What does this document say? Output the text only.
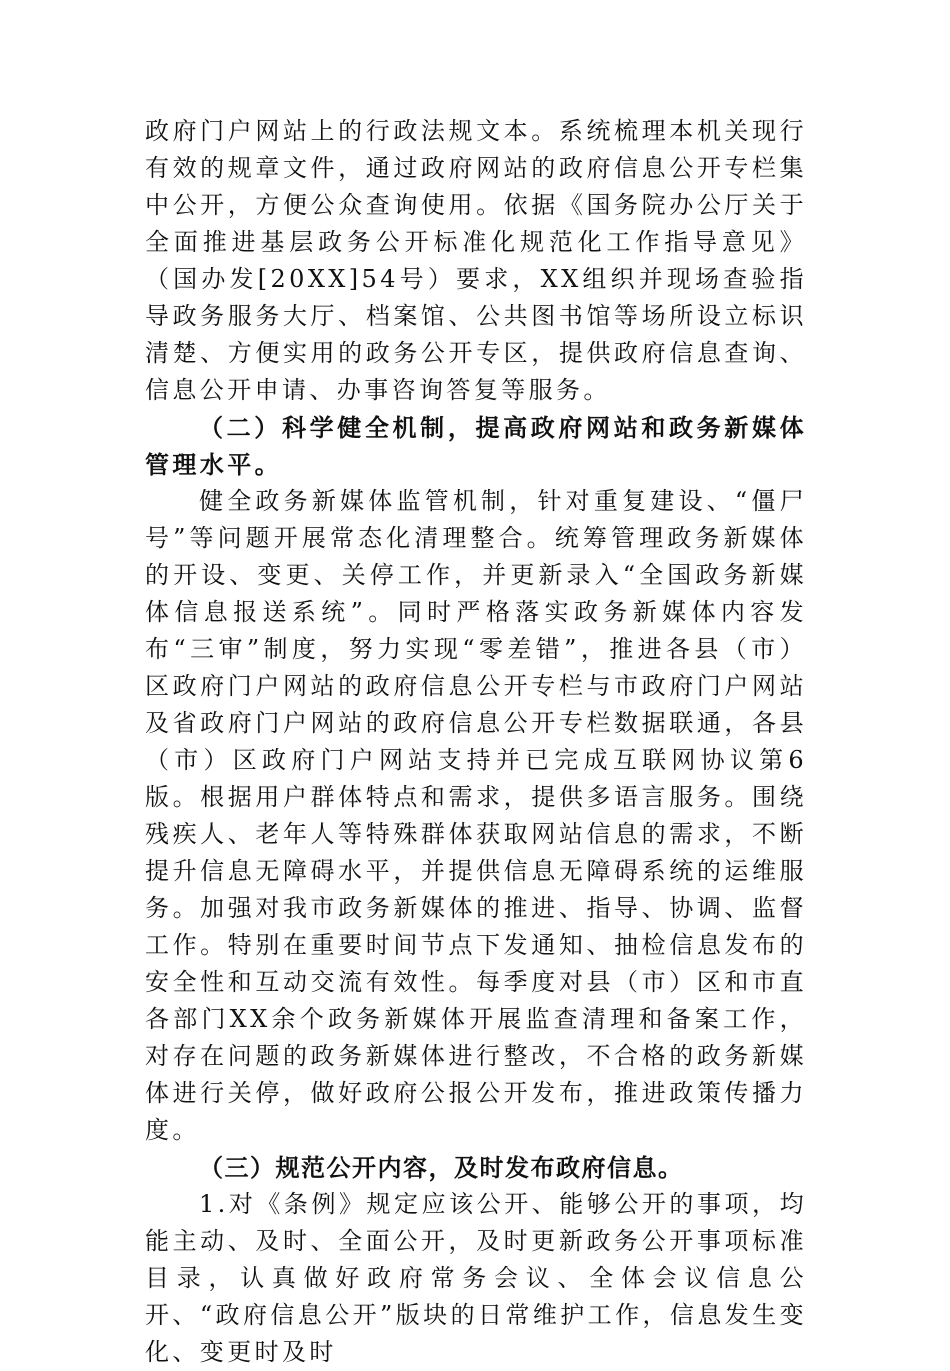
政府门户网站上的行政法规文本。系统梳理本机关现行有效的规章文件，通过政府网站的政府信息公开专栏集中公开，方便公众查询使用。依据《国务院办公厅关于全面推进基层政务公开标准化规范化工作指导意见》（国办发[20XX]54号）要求，XX组织并现场查验指导政务服务大厅、档案馆、公共图书馆等场所设立标识清楚、方便实用的政务公开专区，提供政府信息查询、信息公开申请、办事咨询答复等服务。

（二）科学健全机制，提高政府网站和政务新媒体管理水平。

健全政务新媒体监管机制，针对重复建设、“僵尸号”等问题开展常态化清理整合。统筹管理政务新媒体的开设、变更、关停工作，并更新录入“全国政务新媒体信息报送系统”。同时严格落实政务新媒体内容发布“三审”制度，努力实现“零差错”，推进各县（市）区政府门户网站的政府信息公开专栏与市政府门户网站及省政府门户网站的政府信息公开专栏数据联通，各县（市）区政府门户网站支持并已完成互联网协议第6版。根据用户群体特点和需求，提供多语言服务。围绕残疾人、老年人等特殊群体获取网站信息的需求，不断提升信息无障碍水平，并提供信息无障碍系统的运维服务。加强对我市政务新媒体的推进、指导、协调、监督工作。特别在重要时间节点下发通知、抽检信息发布的安全性和互动交流有效性。每季度对县（市）区和市直各部门XX余个政务新媒体开展监查清理和备案工作，对存在问题的政务新媒体进行整改，不合格的政务新媒体进行关停，做好政府公报公开发布，推进政策传播力度。

（三）规范公开内容，及时发布政府信息。

1.对《条例》规定应该公开、能够公开的事项，均能主动、及时、全面公开，及时更新政务公开事项标准目录，认真做好政府常务会议、全体会议信息公开、“政府信息公开”版块的日常维护工作，信息发生变化、变更时及时
